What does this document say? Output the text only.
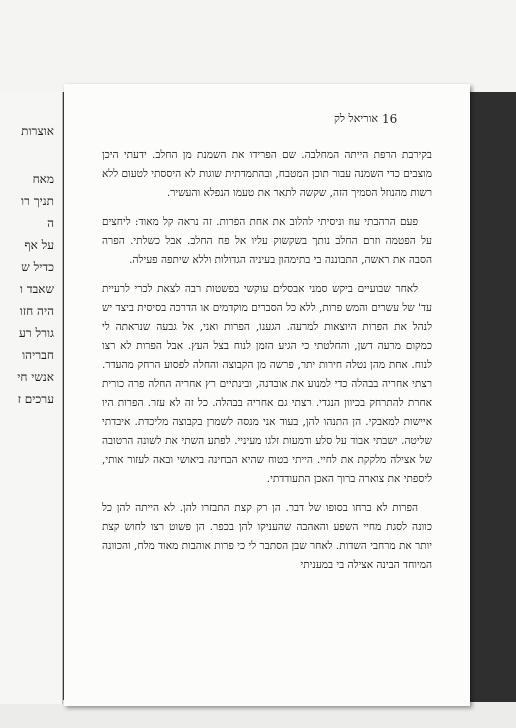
אוצרות
מאח
תניך רו
ה
על אף
כדיל ש
שאבד ו
היה חזו
גורל רע
חבריהו
אנשי חי
ערכים ז
אוריאל לק 16

בקירבת הרפת הייתה המחלבה. שם הפרידו את השמנת מן החלב. ידעתי היכן מוצבים כדי השמנה עבור תוכן המטבח, ובהתמדתית שוגות לא היססתי לטעום ללא רשות מהנוזל הסמיך הזה, שקשה לתאר את טעמו הנפלא והעשיר.

פעם הרהבתי עוז וניסיתי להלוב את אחת הפרות. זה נראה קל מאוד: ליחצים על הפטמה וזרם החלב נותך בשקשוק עליו אל פח החלב. אבל כשלתי. הפרה הסבה את ראשה, התבוננה בי בתימהון בעיניה הגדולות וללא שיתפה פעילה.

לאחר שבועיים ביקש סמני אבסלים עוקשי בפשטות רבה לצאת לכרי לרעיית עד' של עשרים והמש פרות, ללא כל הסברים מוקדמים או הדרכה בסיסית ביצד יש לנהל את הפרות היוצאות למרעה. הגענו, הפרות ואני, אל גבעה שנראתה לי כמקום מרעה דשן, והחלטתי כי הגיע הזמן לנוח בצל העץ. אבל הפרות לא רצו לנוח. אחת מהן נטלה חירות יתר, פרשה מן הקבוצה והחלה לפסוע הרחק מהעדר. רצתי אחריה בבהלה כדי למנוע את אובדנה, ובינתיים רץ אחריה החלה פרה כורית אחרת להתרחק בכיוון הנגדי. רצתי גם אחריה בבהלה. כל זה לא עזר. הפרות היו איישות למאבקי. הן התנהו להן, בעוד אני מנסה לשמרן בקבוצה מליכדת. איבדתי שליטה. ישבתי אבוד על סלע ודמעות זלגו מעיניי. לפתע השתי את לשונה הרטובה של אצילה מלקקת את לחיי. הייתי בטוח שהיא הבחינה ביאושי ובאה לעזור אותי, ליספתי את צוארה ברוך האכן התעודדתי.

הפרות לא ברחו בסופו של דבר. הן רק קצת התבזרו להן. לא הייתה להן כל כוונה לסגת מחיי השפע והאהבה שהעניקו להן בכפר. הן פשוט רצו לחוש קצת יותר את מרחבי השדות. לאחר שבן הסתבר לי כי פרות אוהבות מאוד מלח, והכוונה המיוחד הבינה אצילה בי במעניתי
